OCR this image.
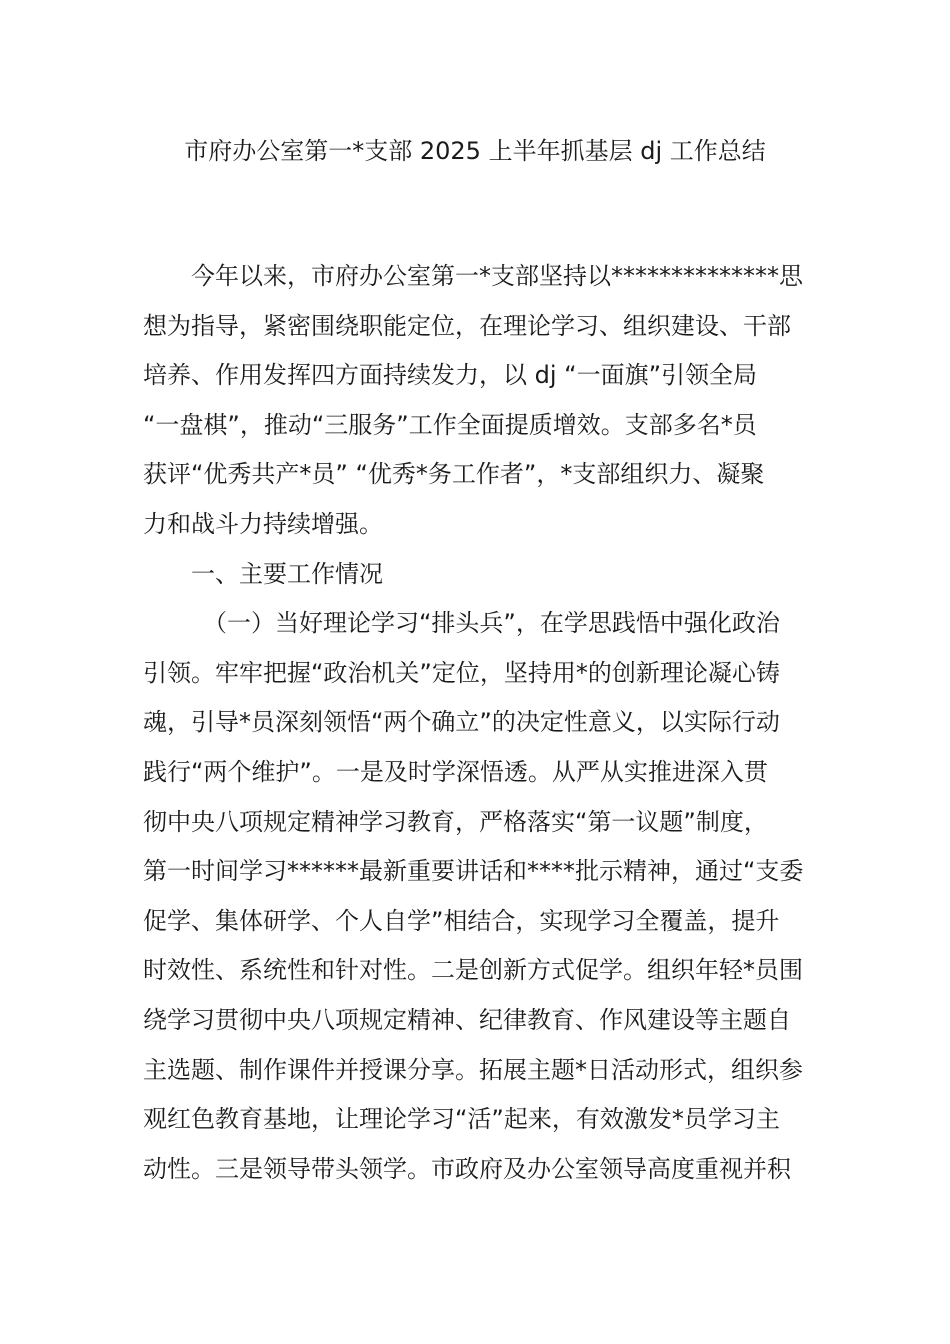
市府办公室第一*支部 2025 上半年抓基层 dj 工作总结
今年以来，市府办公室第一*支部坚持以**************思
想为指导，紧密围绕职能定位，在理论学习、组织建设、干部
培养、作用发挥四方面持续发力，以 dj “一面旗”引领全局
“一盘棋”，推动“三服务”工作全面提质增效。支部多名*员
获评“优秀共产*员” “优秀*务工作者”，*支部组织力、凝聚
力和战斗力持续增强。
一、主要工作情况
（一）当好理论学习“排头兵”，在学思践悟中强化政治
引领。牢牢把握“政治机关”定位，坚持用*的创新理论凝心铸
魂，引导*员深刻领悟“两个确立”的决定性意义，以实际行动
践行“两个维护”。一是及时学深悟透。从严从实推进深入贯
彻中央八项规定精神学习教育，严格落实“第一议题”制度，
第一时间学习******最新重要讲话和****批示精神，通过“支委
促学、集体研学、个人自学”相结合，实现学习全覆盖，提升
时效性、系统性和针对性。二是创新方式促学。组织年轻*员围
绕学习贯彻中央八项规定精神、纪律教育、作风建设等主题自
主选题、制作课件并授课分享。拓展主题*日活动形式，组织参
观红色教育基地，让理论学习“活”起来，有效激发*员学习主
动性。三是领导带头领学。市政府及办公室领导高度重视并积
